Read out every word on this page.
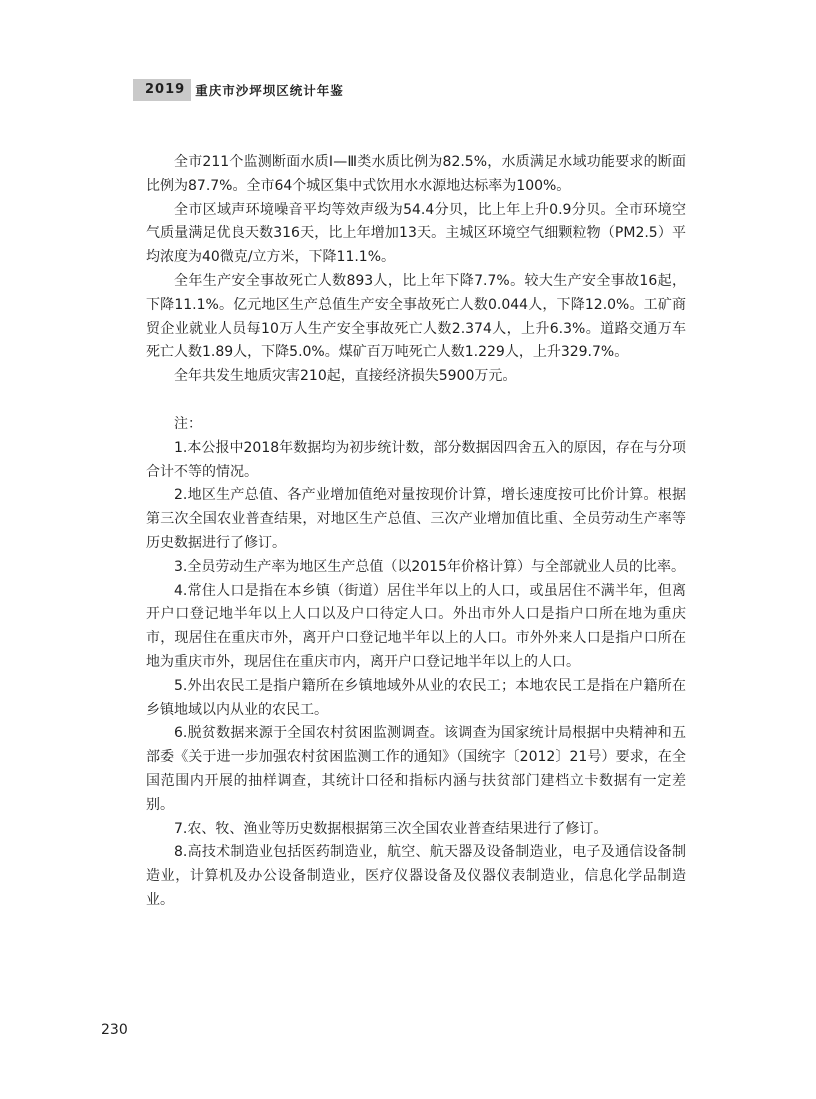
2019 重庆市沙坪坝区统计年鉴

全市211个监测断面水质Ⅰ—Ⅲ类水质比例为82.5%，水质满足水域功能要求的断面比例为87.7%。全市64个城区集中式饮用水水源地达标率为100%。

全市区域声环境噪音平均等效声级为54.4分贝，比上年上升0.9分贝。全市环境空气质量满足优良天数316天，比上年增加13天。主城区环境空气细颗粒物（PM2.5）平均浓度为40微克/立方米，下降11.1%。

全年生产安全事故死亡人数893人，比上年下降7.7%。较大生产安全事故16起，下降11.1%。亿元地区生产总值生产安全事故死亡人数0.044人，下降12.0%。工矿商贸企业就业人员每10万人生产安全事故死亡人数2.374人，上升6.3%。道路交通万车死亡人数1.89人，下降5.0%。煤矿百万吨死亡人数1.229人，上升329.7%。

全年共发生地质灾害210起，直接经济损失5900万元。

注：

1.本公报中2018年数据均为初步统计数，部分数据因四舍五入的原因，存在与分项合计不等的情况。

2.地区生产总值、各产业增加值绝对量按现价计算，增长速度按可比价计算。根据第三次全国农业普查结果，对地区生产总值、三次产业增加值比重、全员劳动生产率等历史数据进行了修订。

3.全员劳动生产率为地区生产总值（以2015年价格计算）与全部就业人员的比率。

4.常住人口是指在本乡镇（街道）居住半年以上的人口，或虽居住不满半年，但离开户口登记地半年以上人口以及户口待定人口。外出市外人口是指户口所在地为重庆市，现居住在重庆市外，离开户口登记地半年以上的人口。市外外来人口是指户口所在地为重庆市外，现居住在重庆市内，离开户口登记地半年以上的人口。

5.外出农民工是指户籍所在乡镇地域外从业的农民工；本地农民工是指在户籍所在乡镇地域以内从业的农民工。

6.脱贫数据来源于全国农村贫困监测调查。该调查为国家统计局根据中央精神和五部委《关于进一步加强农村贫困监测工作的通知》（国统字〔2012〕21号）要求，在全国范围内开展的抽样调查，其统计口径和指标内涵与扶贫部门建档立卡数据有一定差别。

7.农、牧、渔业等历史数据根据第三次全国农业普查结果进行了修订。

8.高技术制造业包括医药制造业，航空、航天器及设备制造业，电子及通信设备制造业，计算机及办公设备制造业，医疗仪器设备及仪器仪表制造业，信息化学品制造业。

230
